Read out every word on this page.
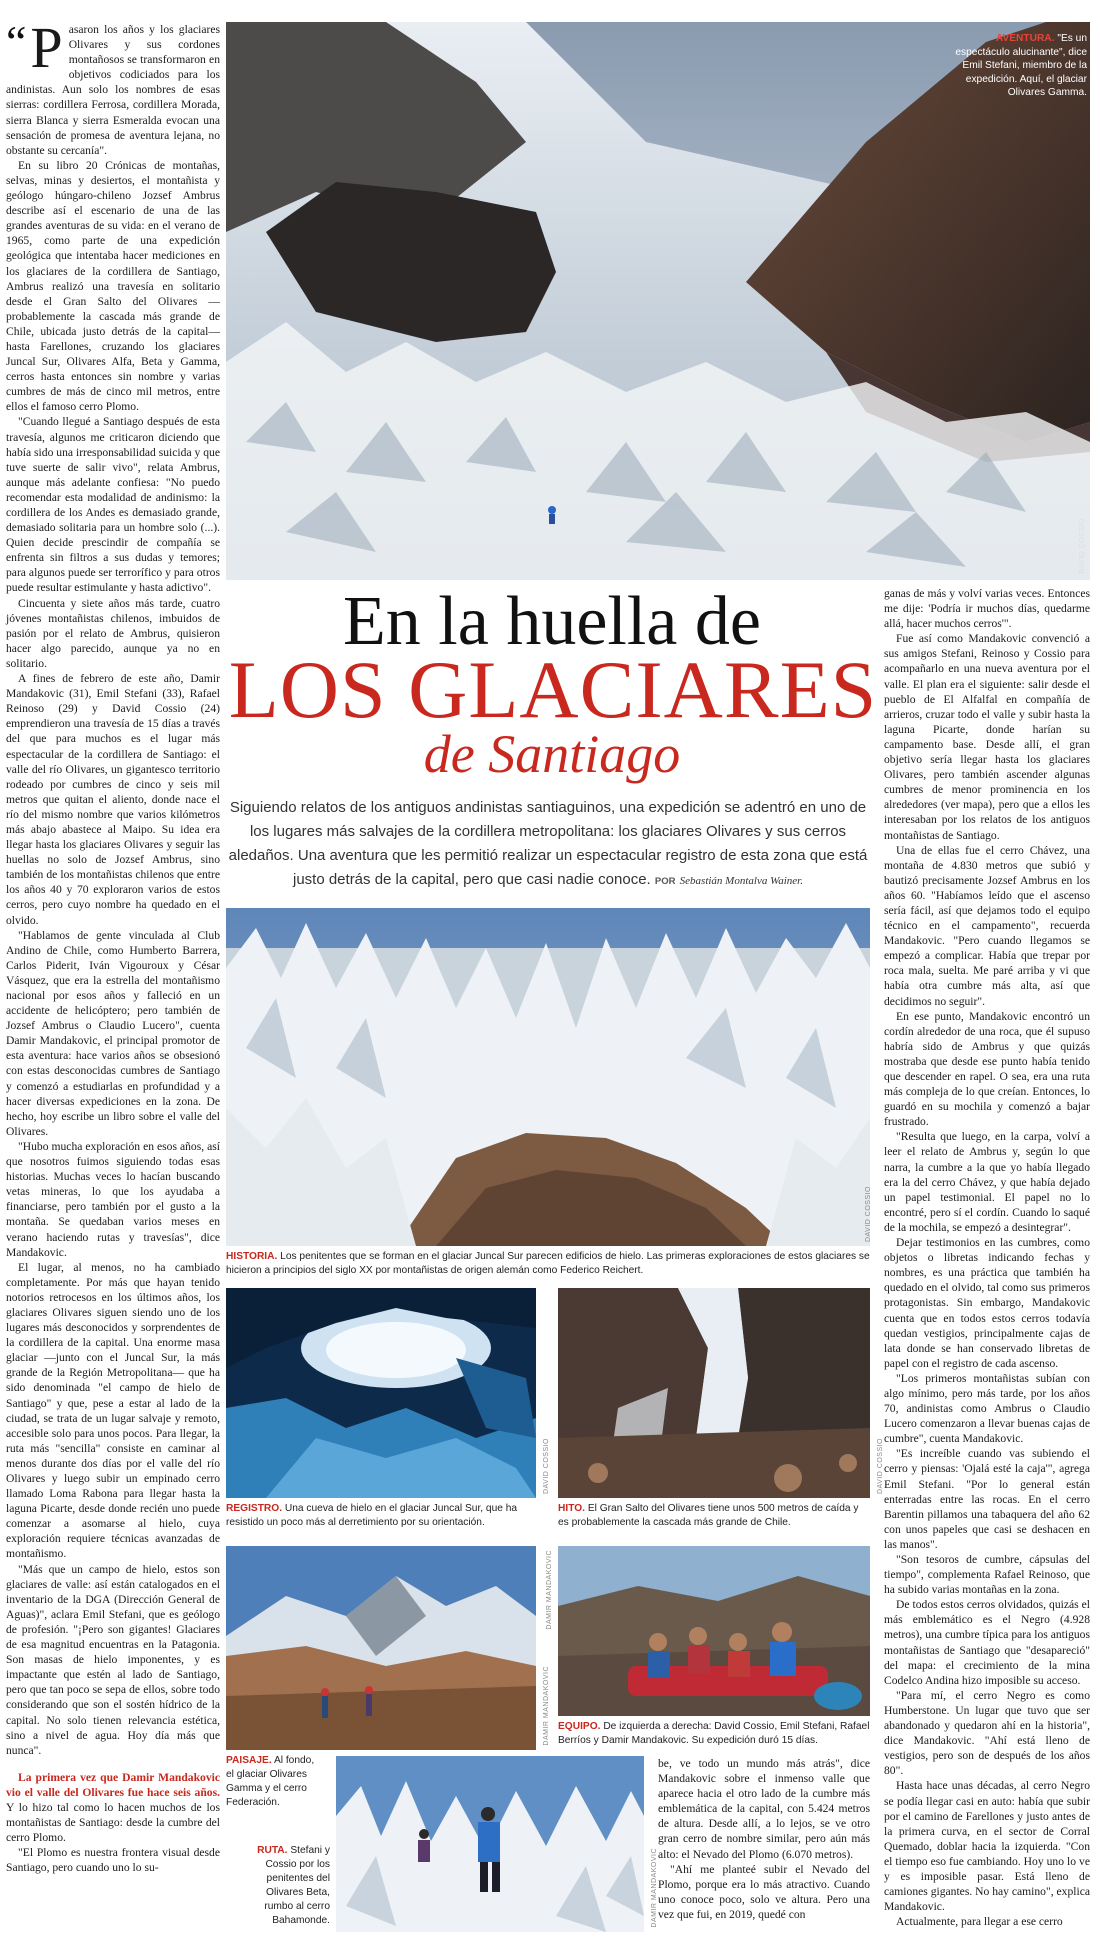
“ P asaron los años y los glaciares Olivares y sus cordones montañosos se transformaron en objetivos codiciados para los andinistas. Aun solo los nombres de esas sierras: cordillera Ferrosa, cordillera Morada, sierra Blanca y sierra Esmeralda evocan una sensación de promesa de aventura lejana, no obstante su cercanía".

En su libro 20 Crónicas de montañas, selvas, minas y desiertos, el montañista y geólogo húngaro-chileno Jozsef Ambrus describe así el escenario de una de las grandes aventuras de su vida: en el verano de 1965, como parte de una expedición geológica que intentaba hacer mediciones en los glaciares de la cordillera de Santiago, Ambrus realizó una travesía en solitario desde el Gran Salto del Olivares —probablemente la cascada más grande de Chile, ubicada justo detrás de la capital— hasta Farellones, cruzando los glaciares Juncal Sur, Olivares Alfa, Beta y Gamma, cerros hasta entonces sin nombre y varias cumbres de más de cinco mil metros, entre ellos el famoso cerro Plomo.

"Cuando llegué a Santiago después de esta travesía, algunos me criticaron diciendo que había sido una irresponsabilidad suicida y que tuve suerte de salir vivo", relata Ambrus, aunque más adelante confiesa: "No puedo recomendar esta modalidad de andinismo: la cordillera de los Andes es demasiado grande, demasiado solitaria para un hombre solo (...). Quien decide prescindir de compañía se enfrenta sin filtros a sus dudas y temores; para algunos puede ser terrorífico y para otros puede resultar estimulante y hasta adictivo".

Cincuenta y siete años más tarde, cuatro jóvenes montañistas chilenos, imbuidos de pasión por el relato de Ambrus, quisieron hacer algo parecido, aunque ya no en solitario.

A fines de febrero de este año, Damir Mandakovic (31), Emil Stefani (33), Rafael Reinoso (29) y David Cossio (24) emprendieron una travesía de 15 días a través del que para muchos es el lugar más espectacular de la cordillera de Santiago: el valle del río Olivares, un gigantesco territorio rodeado por cumbres de cinco y seis mil metros que quitan el aliento, donde nace el río del mismo nombre que varios kilómetros más abajo abastece al Maipo. Su idea era llegar hasta los glaciares Olivares y seguir las huellas no solo de Jozsef Ambrus, sino también de los montañistas chilenos que entre los años 40 y 70 exploraron varios de estos cerros, pero cuyo nombre ha quedado en el olvido.

"Hablamos de gente vinculada al Club Andino de Chile, como Humberto Barrera, Carlos Piderit, Iván Vigouroux y César Vásquez, que era la estrella del montañismo nacional por esos años y falleció en un accidente de helicóptero; pero también de Jozsef Ambrus o Claudio Lucero", cuenta Damir Mandakovic, el principal promotor de esta aventura: hace varios años se obsesionó con estas desconocidas cumbres de Santiago y comenzó a estudiarlas en profundidad y a hacer diversas expediciones en la zona. De hecho, hoy escribe un libro sobre el valle del Olivares.

"Hubo mucha exploración en esos años, así que nosotros fuimos siguiendo todas esas historias. Muchas veces lo hacían buscando vetas mineras, lo que los ayudaba a financiarse, pero también por el gusto a la montaña. Se quedaban varios meses en verano haciendo rutas y travesías", dice Mandakovic.

El lugar, al menos, no ha cambiado completamente. Por más que hayan tenido notorios retrocesos en los últimos años, los glaciares Olivares siguen siendo uno de los lugares más desconocidos y sorprendentes de la cordillera de la capital. Una enorme masa glaciar —junto con el Juncal Sur, la más grande de la Región Metropolitana— que ha sido denominada "el campo de hielo de Santiago" y que, pese a estar al lado de la ciudad, se trata de un lugar salvaje y remoto, accesible solo para unos pocos. Para llegar, la ruta más "sencilla" consiste en caminar al menos durante dos días por el valle del río Olivares y luego subir un empinado cerro llamado Loma Rabona para llegar hasta la laguna Picarte, desde donde recién uno puede comenzar a asomarse al hielo, cuya exploración requiere técnicas avanzadas de montañismo.

"Más que un campo de hielo, estos son glaciares de valle: así están catalogados en el inventario de la DGA (Dirección General de Aguas)", aclara Emil Stefani, que es geólogo de profesión. "¡Pero son gigantes! Glaciares de esa magnitud encuentras en la Patagonia. Son masas de hielo imponentes, y es impactante que estén al lado de Santiago, pero que tan poco se sepa de ellos, sobre todo considerando que son el sostén hídrico de la capital. No solo tienen relevancia estética, sino a nivel de agua. Hoy día más que nunca".

La primera vez que Damir Mandakovic vio el valle del Olivares fue hace seis años.

Y lo hizo tal como lo hacen muchos de los montañistas de Santiago: desde la cumbre del cerro Plomo.

"El Plomo es nuestra frontera visual desde Santiago, pero cuando uno lo su-

DAVID COSSIO
AVENTURA. "Es un espectáculo alucinante", dice Emil Stefani, miembro de la expedición. Aquí, el glaciar Olivares Gamma.
En la huella de
LOS GLACIARES
de Santiago
Siguiendo relatos de los antiguos andinistas santiaguinos, una expedición se adentró en uno de los lugares más salvajes de la cordillera metropolitana: los glaciares Olivares y sus cerros aledaños. Una aventura que les permitió realizar un espectacular registro de esta zona que está justo detrás de la capital, pero que casi nadie conoce. POR Sebastián Montalva Wainer.

ganas de más y volví varias veces. Entonces me dije: 'Podría ir muchos días, quedarme allá, hacer muchos cerros'".

Fue así como Mandakovic convenció a sus amigos Stefani, Reinoso y Cossio para acompañarlo en una nueva aventura por el valle. El plan era el siguiente: salir desde el pueblo de El Alfalfal en compañía de arrieros, cruzar todo el valle y subir hasta la laguna Picarte, donde harían su campamento base. Desde allí, el gran objetivo sería llegar hasta los glaciares Olivares, pero también ascender algunas cumbres de menor prominencia en los alrededores (ver mapa), pero que a ellos les interesaban por los relatos de los antiguos montañistas de Santiago.

Una de ellas fue el cerro Chávez, una montaña de 4.830 metros que subió y bautizó precisamente Jozsef Ambrus en los años 60. "Habíamos leído que el ascenso sería fácil, así que dejamos todo el equipo técnico en el campamento", recuerda Mandakovic. "Pero cuando llegamos se empezó a complicar. Había que trepar por roca mala, suelta. Me paré arriba y vi que había otra cumbre más alta, así que decidimos no seguir".

En ese punto, Mandakovic encontró un cordín alrededor de una roca, que él supuso habría sido de Ambrus y que quizás mostraba que desde ese punto había tenido que descender en rapel. O sea, era una ruta más compleja de lo que creían. Entonces, lo guardó en su mochila y comenzó a bajar frustrado.

"Resulta que luego, en la carpa, volví a leer el relato de Ambrus y, según lo que narra, la cumbre a la que yo había llegado era la del cerro Chávez, y que había dejado un papel testimonial. El papel no lo encontré, pero sí el cordín. Cuando lo saqué de la mochila, se empezó a desintegrar".

Dejar testimonios en las cumbres, como objetos o libretas indicando fechas y nombres, es una práctica que también ha quedado en el olvido, tal como sus primeros protagonistas. Sin embargo, Mandakovic cuenta que en todos estos cerros todavía quedan vestigios, principalmente cajas de lata donde se han conservado libretas de papel con el registro de cada ascenso.

"Los primeros montañistas subían con algo mínimo, pero más tarde, por los años 70, andinistas como Ambrus o Claudio Lucero comenzaron a llevar buenas cajas de cumbre", cuenta Mandakovic.

"Es increíble cuando vas subiendo el cerro y piensas: 'Ojalá esté la caja'", agrega Emil Stefani. "Por lo general están enterradas entre las rocas. En el cerro Barentin pillamos una tabaquera del año 62 con unos papeles que casi se deshacen en las manos".

"Son tesoros de cumbre, cápsulas del tiempo", complementa Rafael Reinoso, que ha subido varias montañas en la zona.

De todos estos cerros olvidados, quizás el más emblemático es el Negro (4.928 metros), una cumbre típica para los antiguos montañistas de Santiago que "desapareció" del mapa: el crecimiento de la mina Codelco Andina hizo imposible su acceso.

"Para mí, el cerro Negro es como Humberstone. Un lugar que tuvo que ser abandonado y quedaron ahí en la historia", dice Mandakovic. "Ahí está lleno de vestigios, pero son de después de los años 80".

Hasta hace unas décadas, al cerro Negro se podía llegar casi en auto: había que subir por el camino de Farellones y justo antes de la primera curva, en el sector de Corral Quemado, doblar hacia la izquierda. "Con el tiempo eso fue cambiando. Hoy uno lo ve y es imposible pasar. Está lleno de camiones gigantes. No hay camino", explica Mandakovic.

Actualmente, para llegar a ese cerro

DAVID COSSIO
HISTORIA. Los penitentes que se forman en el glaciar Juncal Sur parecen edificios de hielo. Las primeras exploraciones de estos glaciares se hicieron a principios del siglo XX por montañistas de origen alemán como Federico Reichert.
DAVID COSSIO
REGISTRO. Una cueva de hielo en el glaciar Juncal Sur, que ha resistido un poco más al derretimiento por su orientación.
DAVID COSSIO
HITO. El Gran Salto del Olivares tiene unos 500 metros de caída y es probablemente la cascada más grande de Chile.
DAMIR MANDAKOVIC
PAISAJE. Al fondo, el glaciar Olivares Gamma y el cerro Federación.
DAMIR MANDAKOVIC
EQUIPO. De izquierda a derecha: David Cossio, Emil Stefani, Rafael Berríos y Damir Mandakovic. Su expedición duró 15 días.
DAMIR MANDAKOVIC
RUTA. Stefani y Cossio por los penitentes del Olivares Beta, rumbo al cerro Bahamonde.

be, ve todo un mundo más atrás", dice Mandakovic sobre el inmenso valle que aparece hacia el otro lado de la cumbre más emblemática de la capital, con 5.424 metros de altura. Desde allí, a lo lejos, se ve otro gran cerro de nombre similar, pero aún más alto: el Nevado del Plomo (6.070 metros).

"Ahí me planteé subir el Nevado del Plomo, porque era lo más atractivo. Cuando uno conoce poco, solo ve altura. Pero una vez que fui, en 2019, quedé con
